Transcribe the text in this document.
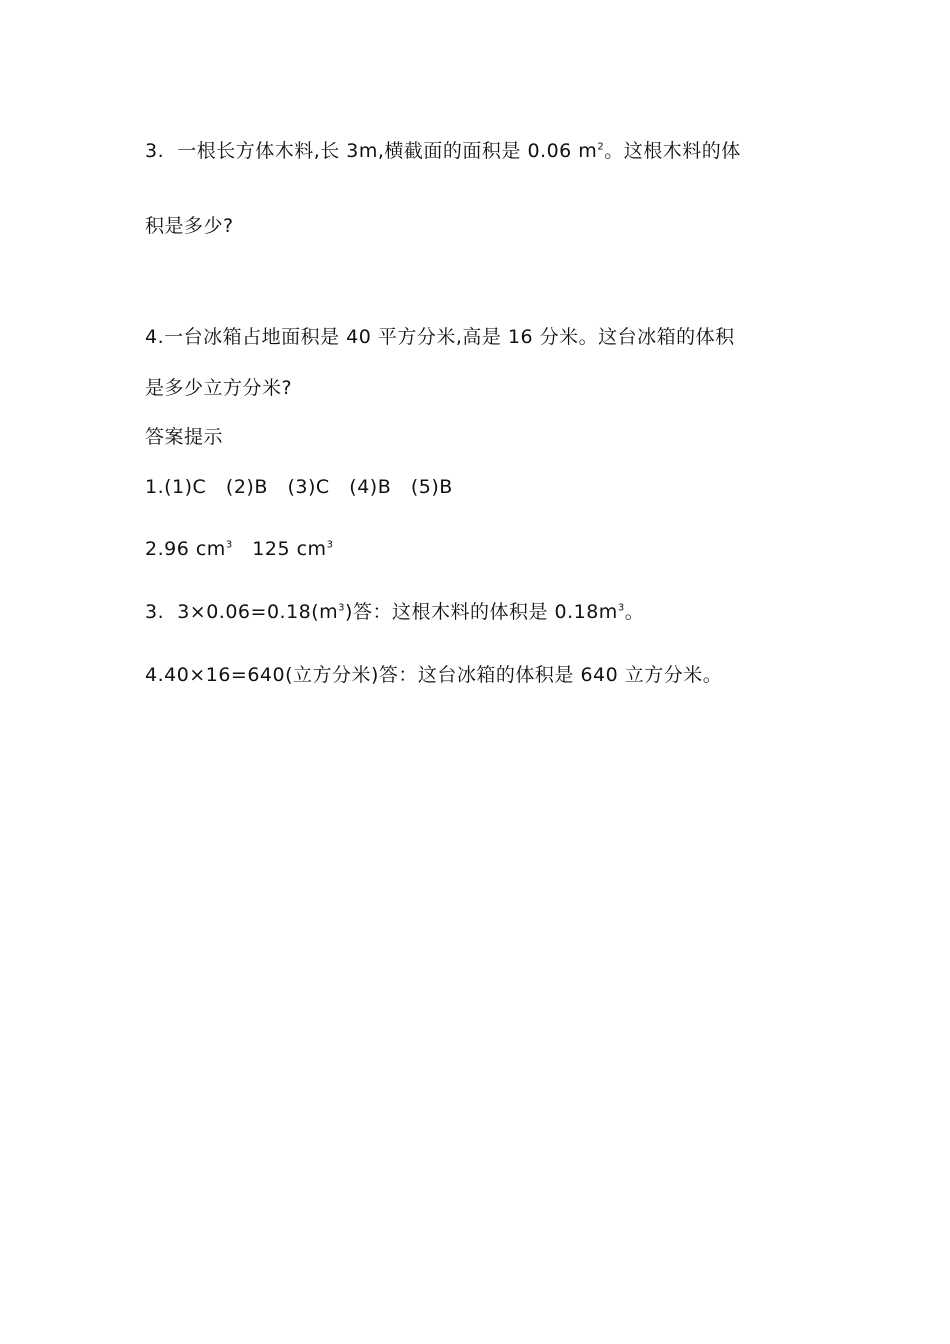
3.  一根长方体木料,长 3m,横截面的面积是 0.06 $m^2$。这根木料的体
积是多少?
4.一台冰箱占地面积是 40 平方分米,高是 16 分米。这台冰箱的体积
是多少立方分米?
答案提示
1.(1)C   (2)B   (3)C   (4)B   (5)B
2.96 $cm^3$   125 $cm^3$
3.  $3\times 0.06=0.18(m^3)$答：这根木料的体积是 $0.18m^3$。
4.40×16=640(立方分米)答：这台冰箱的体积是 640 立方分米。
